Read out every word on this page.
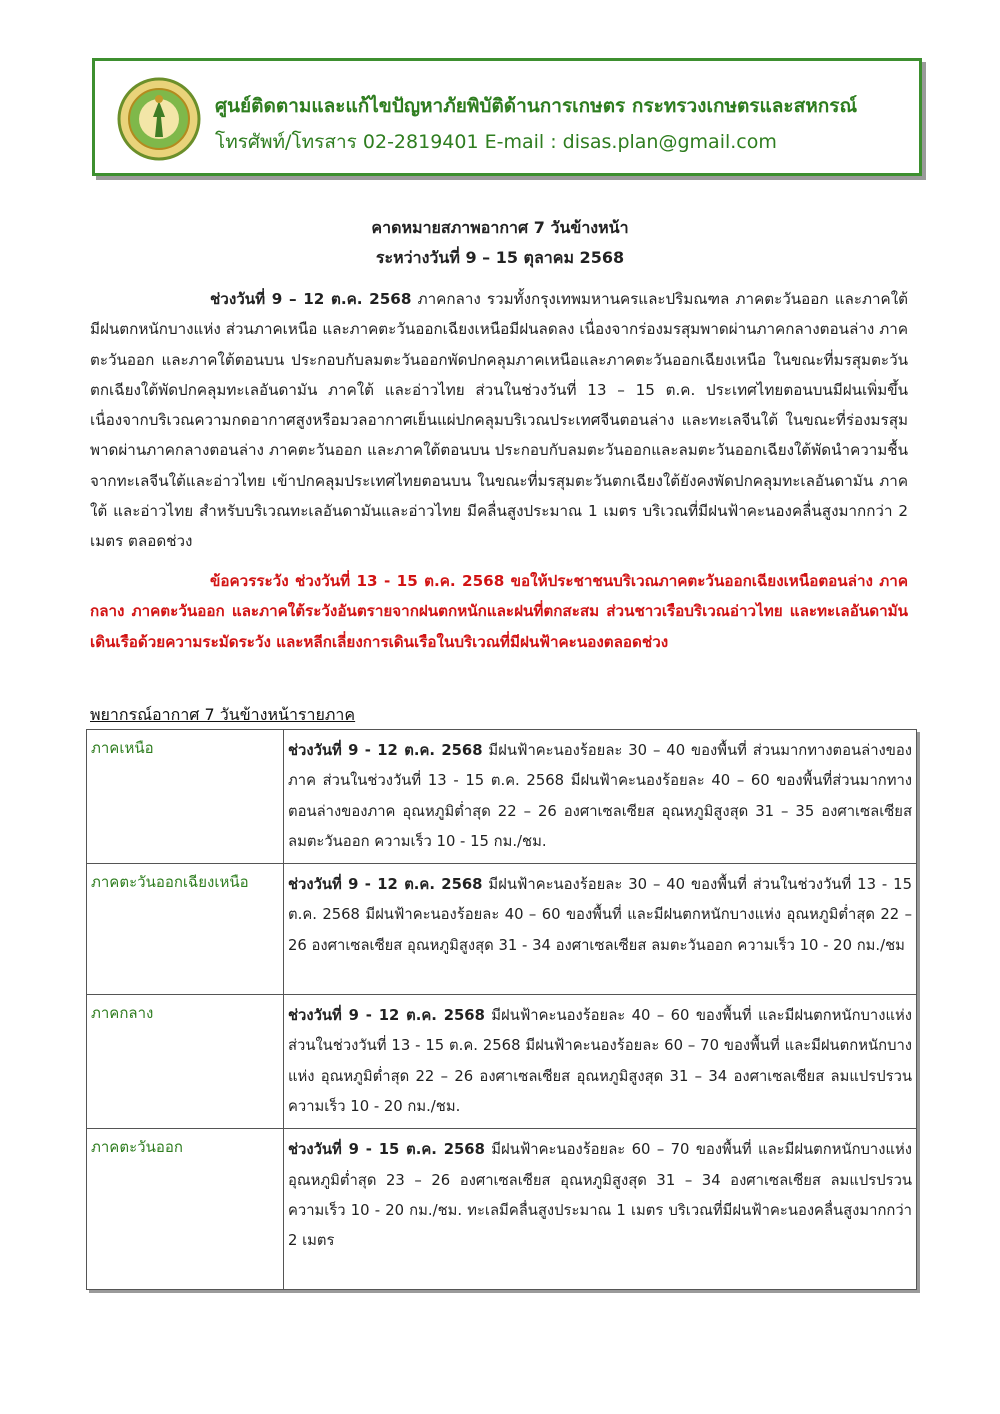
ศูนย์ติดตามและแก้ไขปัญหาภัยพิบัติด้านการเกษตร กระทรวงเกษตรและสหกรณ์
โทรศัพท์/โทรสาร 02-2819401 E-mail : disas.plan@gmail.com
คาดหมายสภาพอากาศ 7 วันข้างหน้า
ระหว่างวันที่ 9 – 15 ตุลาคม 2568
ช่วงวันที่ 9 – 12 ต.ค. 2568 ภาคกลาง รวมทั้งกรุงเทพมหานครและปริมณฑล ภาคตะวันออก และภาคใต้ มีฝนตกหนักบางแห่ง ส่วนภาคเหนือ และภาคตะวันออกเฉียงเหนือมีฝนลดลง เนื่องจากร่องมรสุมพาดผ่านภาคกลางตอนล่าง ภาคตะวันออก และภาคใต้ตอนบน ประกอบกับลมตะวันออกพัดปกคลุมภาคเหนือและภาคตะวันออกเฉียงเหนือ ในขณะที่มรสุมตะวันตกเฉียงใต้พัดปกคลุมทะเลอันดามัน ภาคใต้ และอ่าวไทย ส่วนในช่วงวันที่ 13 – 15 ต.ค. ประเทศไทยตอนบนมีฝนเพิ่มขึ้น เนื่องจากบริเวณความกดอากาศสูงหรือมวลอากาศเย็นแผ่ปกคลุมบริเวณประเทศจีนตอนล่าง และทะเลจีนใต้ ในขณะที่ร่องมรสุมพาดผ่านภาคกลางตอนล่าง ภาคตะวันออก และภาคใต้ตอนบน ประกอบกับลมตะวันออกและลมตะวันออกเฉียงใต้พัดนำความชื้นจากทะเลจีนใต้และอ่าวไทย เข้าปกคลุมประเทศไทยตอนบน ในขณะที่มรสุมตะวันตกเฉียงใต้ยังคงพัดปกคลุมทะเลอันดามัน ภาคใต้ และอ่าวไทย สำหรับบริเวณทะเลอันดามันและอ่าวไทย มีคลื่นสูงประมาณ 1 เมตร บริเวณที่มีฝนฟ้าคะนองคลื่นสูงมากกว่า 2 เมตร ตลอดช่วง
ข้อควรระวัง ช่วงวันที่ 13 - 15 ต.ค. 2568 ขอให้ประชาชนบริเวณภาคตะวันออกเฉียงเหนือตอนล่าง ภาคกลาง ภาคตะวันออก และภาคใต้ระวังอันตรายจากฝนตกหนักและฝนที่ตกสะสม ส่วนชาวเรือบริเวณอ่าวไทย และทะเลอันดามันเดินเรือด้วยความระมัดระวัง และหลีกเลี่ยงการเดินเรือในบริเวณที่มีฝนฟ้าคะนองตลอดช่วง
พยากรณ์อากาศ 7 วันข้างหน้ารายภาค
ภาคเหนือ	ช่วงวันที่ 9 - 12 ต.ค. 2568 มีฝนฟ้าคะนองร้อยละ 30 – 40 ของพื้นที่ ส่วนมากทางตอนล่างของภาค ส่วนในช่วงวันที่ 13 - 15 ต.ค. 2568 มีฝนฟ้าคะนองร้อยละ 40 – 60 ของพื้นที่ส่วนมากทางตอนล่างของภาค อุณหภูมิต่ำสุด 22 – 26 องศาเซลเซียส อุณหภูมิสูงสุด 31 – 35 องศาเซลเซียส ลมตะวันออก ความเร็ว 10 - 15 กม./ชม.
ภาคตะวันออกเฉียงเหนือ	ช่วงวันที่ 9 - 12 ต.ค. 2568 มีฝนฟ้าคะนองร้อยละ 30 – 40 ของพื้นที่ ส่วนในช่วงวันที่ 13 - 15 ต.ค. 2568 มีฝนฟ้าคะนองร้อยละ 40 – 60 ของพื้นที่ และมีฝนตกหนักบางแห่ง อุณหภูมิต่ำสุด 22 – 26 องศาเซลเซียส อุณหภูมิสูงสุด 31 - 34 องศาเซลเซียส ลมตะวันออก ความเร็ว 10 - 20 กม./ชม
ภาคกลาง	ช่วงวันที่ 9 - 12 ต.ค. 2568 มีฝนฟ้าคะนองร้อยละ 40 – 60 ของพื้นที่ และมีฝนตกหนักบางแห่ง ส่วนในช่วงวันที่ 13 - 15 ต.ค. 2568 มีฝนฟ้าคะนองร้อยละ 60 – 70 ของพื้นที่ และมีฝนตกหนักบางแห่ง อุณหภูมิต่ำสุด 22 – 26 องศาเซลเซียส อุณหภูมิสูงสุด 31 – 34 องศาเซลเซียส ลมแปรปรวน ความเร็ว 10 - 20 กม./ชม.
ภาคตะวันออก	ช่วงวันที่ 9 - 15 ต.ค. 2568 มีฝนฟ้าคะนองร้อยละ 60 – 70 ของพื้นที่ และมีฝนตกหนักบางแห่ง อุณหภูมิต่ำสุด 23 – 26 องศาเซลเซียส อุณหภูมิสูงสุด 31 – 34 องศาเซลเซียส ลมแปรปรวน ความเร็ว 10 - 20 กม./ชม. ทะเลมีคลื่นสูงประมาณ 1 เมตร บริเวณที่มีฝนฟ้าคะนองคลื่นสูงมากกว่า 2 เมตร
